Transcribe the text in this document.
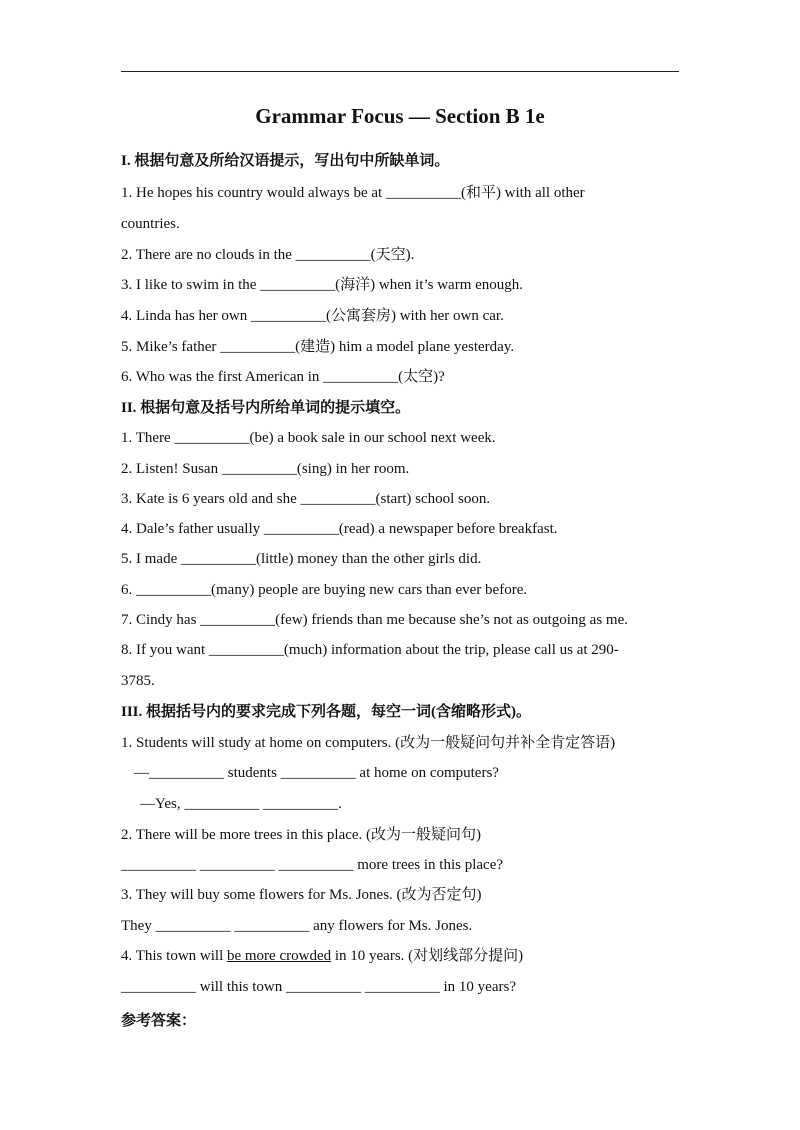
Grammar Focus — Section B 1e
I. 根据句意及所给汉语提示，写出句中所缺单词。
1. He hopes his country would always be at __________(和平) with all other
countries.
2. There are no clouds in the __________(天空).
3. I like to swim in the __________(海洋) when it’s warm enough.
4. Linda has her own __________(公寓套房) with her own car.
5. Mike’s father __________(建造) him a model plane yesterday.
6. Who was the first American in __________(太空)?
II. 根据句意及括号内所给单词的提示填空。
1. There __________(be) a book sale in our school next week.
2. Listen! Susan __________(sing) in her room.
3. Kate is 6 years old and she __________(start) school soon.
4. Dale’s father usually __________(read) a newspaper before breakfast.
5. I made __________(little) money than the other girls did.
6. __________(many) people are buying new cars than ever before.
7. Cindy has __________(few) friends than me because she’s not as outgoing as me.
8. If you want __________(much) information about the trip, please call us at 290-
3785.
III. 根据括号内的要求完成下列各题，每空一词(含缩略形式)。
1. Students will study at home on computers. (改为一般疑问句并补全肯定答语)
—__________ students __________ at home on computers?
—Yes, __________ __________.
2. There will be more trees in this place. (改为一般疑问句)
__________ __________ __________ more trees in this place?
3. They will buy some flowers for Ms. Jones. (改为否定句)
They __________ __________ any flowers for Ms. Jones.
4. This town will be more crowded in 10 years. (对划线部分提问)
__________ will this town __________ __________ in 10 years?
参考答案：
